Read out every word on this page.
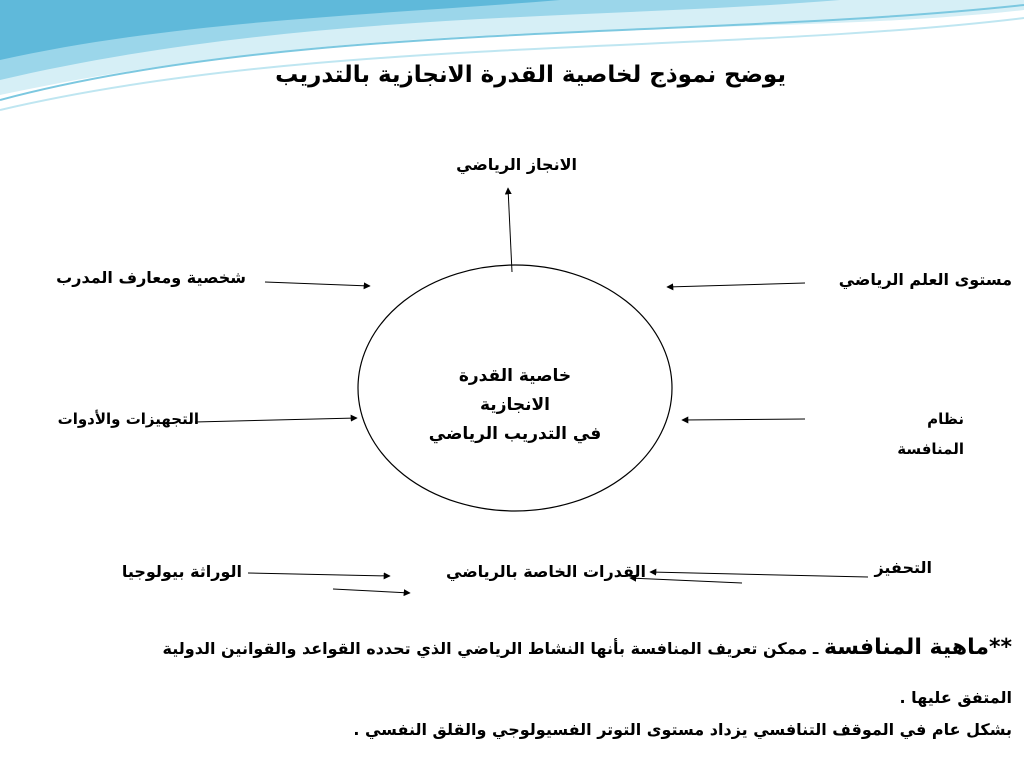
يوضح نموذج لخاصية القدرة الانجازية بالتدريب
خاصية القدرة
الانجازية
في التدريب الرياضي
الانجاز الرياضي
شخصية ومعارف المدرب	مستوى العلم الرياضي
التجهيزات والأدوات	نظام
المنافسة
الوراثة بيولوجيا	القدرات الخاصة بالرياضي	التحفيز
**ماهية المنافسة ـ ممكن تعريف المنافسة بأنها النشاط الرياضي الذي تحدده القواعد والقوانين الدولية
المتفق عليها .
بشكل عام في الموقف التنافسي يزداد مستوى التوتر الفسيولوجي والقلق النفسي .
